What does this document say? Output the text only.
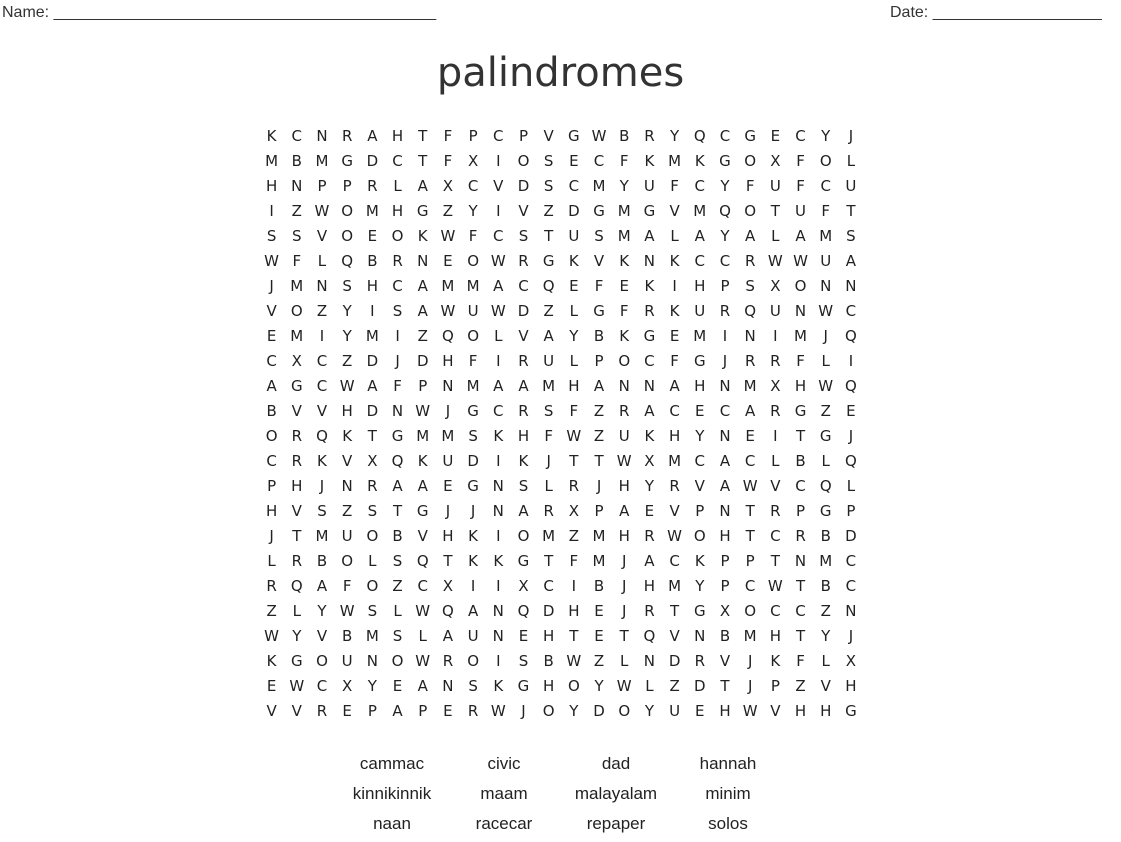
Name: ___________________________________________	Date: ___________________
palindromes
K	C N R A H T	F	P	C	P	V G W B R	Y Q C G E	C	Y	J
M B M G D C	T	F	X	I	O S	E	C	F	K M K G O X	F O	L
H N	P	P	R	L	A X C V D S	C M Y	U	F	C	Y	F	U	F	C U
I	Z W O M H G Z	Y	I	V Z D G M G V M Q O T	U	F	T
S	S	V O E O K W F	C	S	T	U S M A	L	A	Y	A	L	A M S
W F	L	Q B R N E O W R G K	V	K N K	C C R W W U A
J	M N S H C A M M A C Q E	F	E	K	I	H	P	S	X O N N
V O Z	Y	I	S	A W U W D Z	L	G	F	R	K U R Q U N W C
E M	I	Y M	I	Z Q O	L	V A	Y	B	K G E M	I	N	I	M	J	Q
C X C Z D	J	D H	F	I	R U	L	P O C	F	G	J	R R	F	L	I
A G C W A	F	P	N M A A M H A N N A H N M X H W Q
B V V H D N W	J	G C R	S	F	Z R A C	E	C A R G Z	E
O R Q K	T G M M S	K H	F W Z U K H Y N E	I	T G	J
C R	K	V X Q K U D	I	K	J	T	T W X M C A C	L	B	L	Q
P	H	J	N R A A	E G N S	L	R	J	H Y	R V A W V C Q	L
H V	S	Z	S	T G	J	J	N A R X	P	A	E	V	P	N T	R	P G P
J	T M U O B V H K	I	O M Z M H R W O H T	C R B D
L	R B O	L	S Q T	K	K G T	F M	J	A C	K	P	P	T N M C
R Q A	F O Z C X	I	I	X C	I	B	J	H M Y	P	C W T	B C
Z	L	Y W S	L W Q A N Q D H E	J	R	T G X O C C Z N
W Y	V B M S	L	A U N E H T	E	T Q V N B M H T	Y	J
K G O U N O W R O	I	S	B W Z	L	N D R V	J	K	F	L	X
E W C X	Y	E	A N S	K G H O Y W L	Z D T	J	P	Z V H
V V R	E	P	A	P	E	R W	J	O Y D O Y	U E H W V H H G
cammac	civic	dad	hannah
kinnikinnik	maam	malayalam	minim
naan	racecar	repaper	solos
